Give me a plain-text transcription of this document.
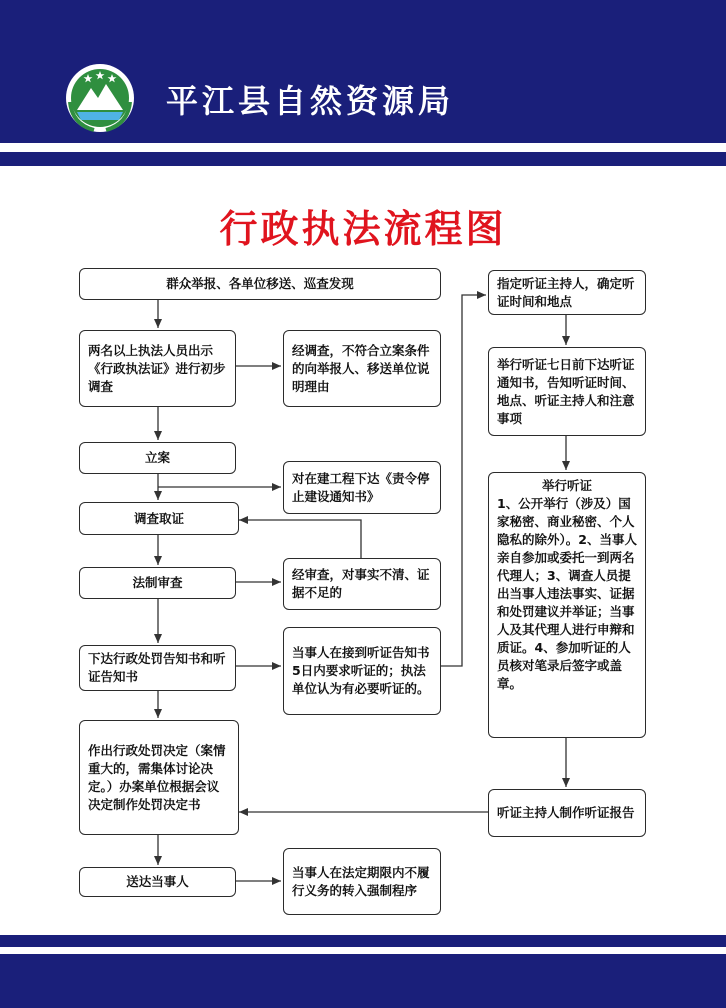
平江县自然资源局
行政执法流程图
群众举报、各单位移送、巡查发现
两名以上执法人员出示《行政执法证》进行初步调查
经调查，不符合立案条件的向举报人、移送单位说明理由
立案
对在建工程下达《责令停止建设通知书》
调查取证
法制审查
经审查，对事实不清、证据不足的
下达行政处罚告知书和听证告知书
当事人在接到听证告知书5日内要求听证的；执法单位认为有必要听证的。
作出行政处罚决定（案情重大的，需集体讨论决定。）办案单位根据会议决定制作处罚决定书
送达当事人
当事人在法定期限内不履行义务的转入强制程序
指定听证主持人，确定听证时间和地点
举行听证七日前下达听证通知书，告知听证时间、地点、听证主持人和注意事项
举行听证
1、公开举行（涉及）国家秘密、商业秘密、个人隐私的除外）。2、当事人亲自参加或委托一到两名代理人；3、调查人员提出当事人违法事实、证据和处罚建议并举证；当事人及其代理人进行申辩和质证。4、参加听证的人员核对笔录后签字或盖章。
听证主持人制作听证报告
